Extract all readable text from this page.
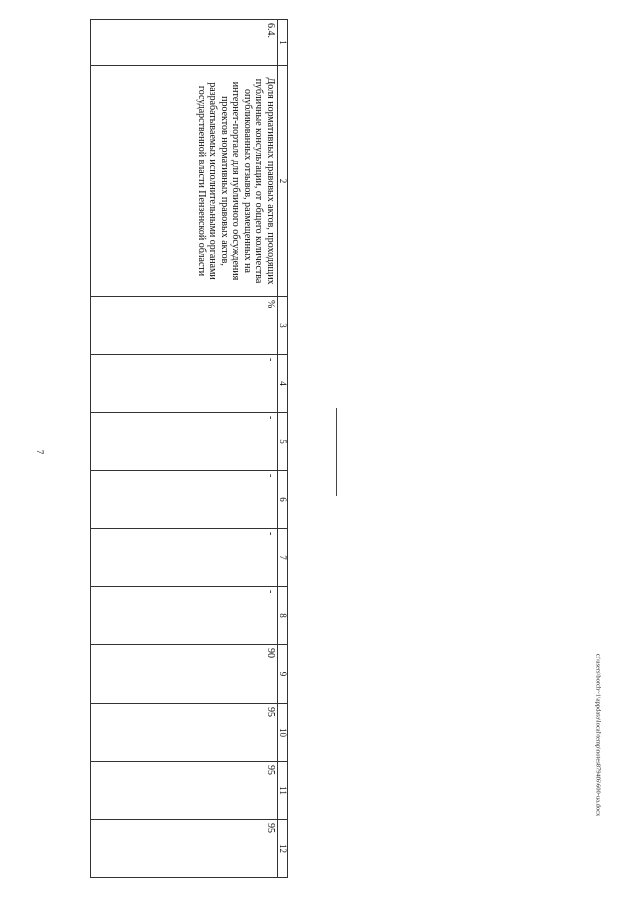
7
1	2	3	4	5	6	7	8	9	10	11	12
6.4.	Доля нормативных правовых актов, проходящих публичные консультации, от общего количества опубликованных отзывов, размещенных на интернет-портале для публичного обсуждения проектов нормативных правовых актов, разрабатываемых исполнительными органами государственной власти Пензенской области	%	-	-	-	-	-	90	95	95	95
c:\users\borch~1\appdata\local\temp\notes8794f6\600-ua.docx
